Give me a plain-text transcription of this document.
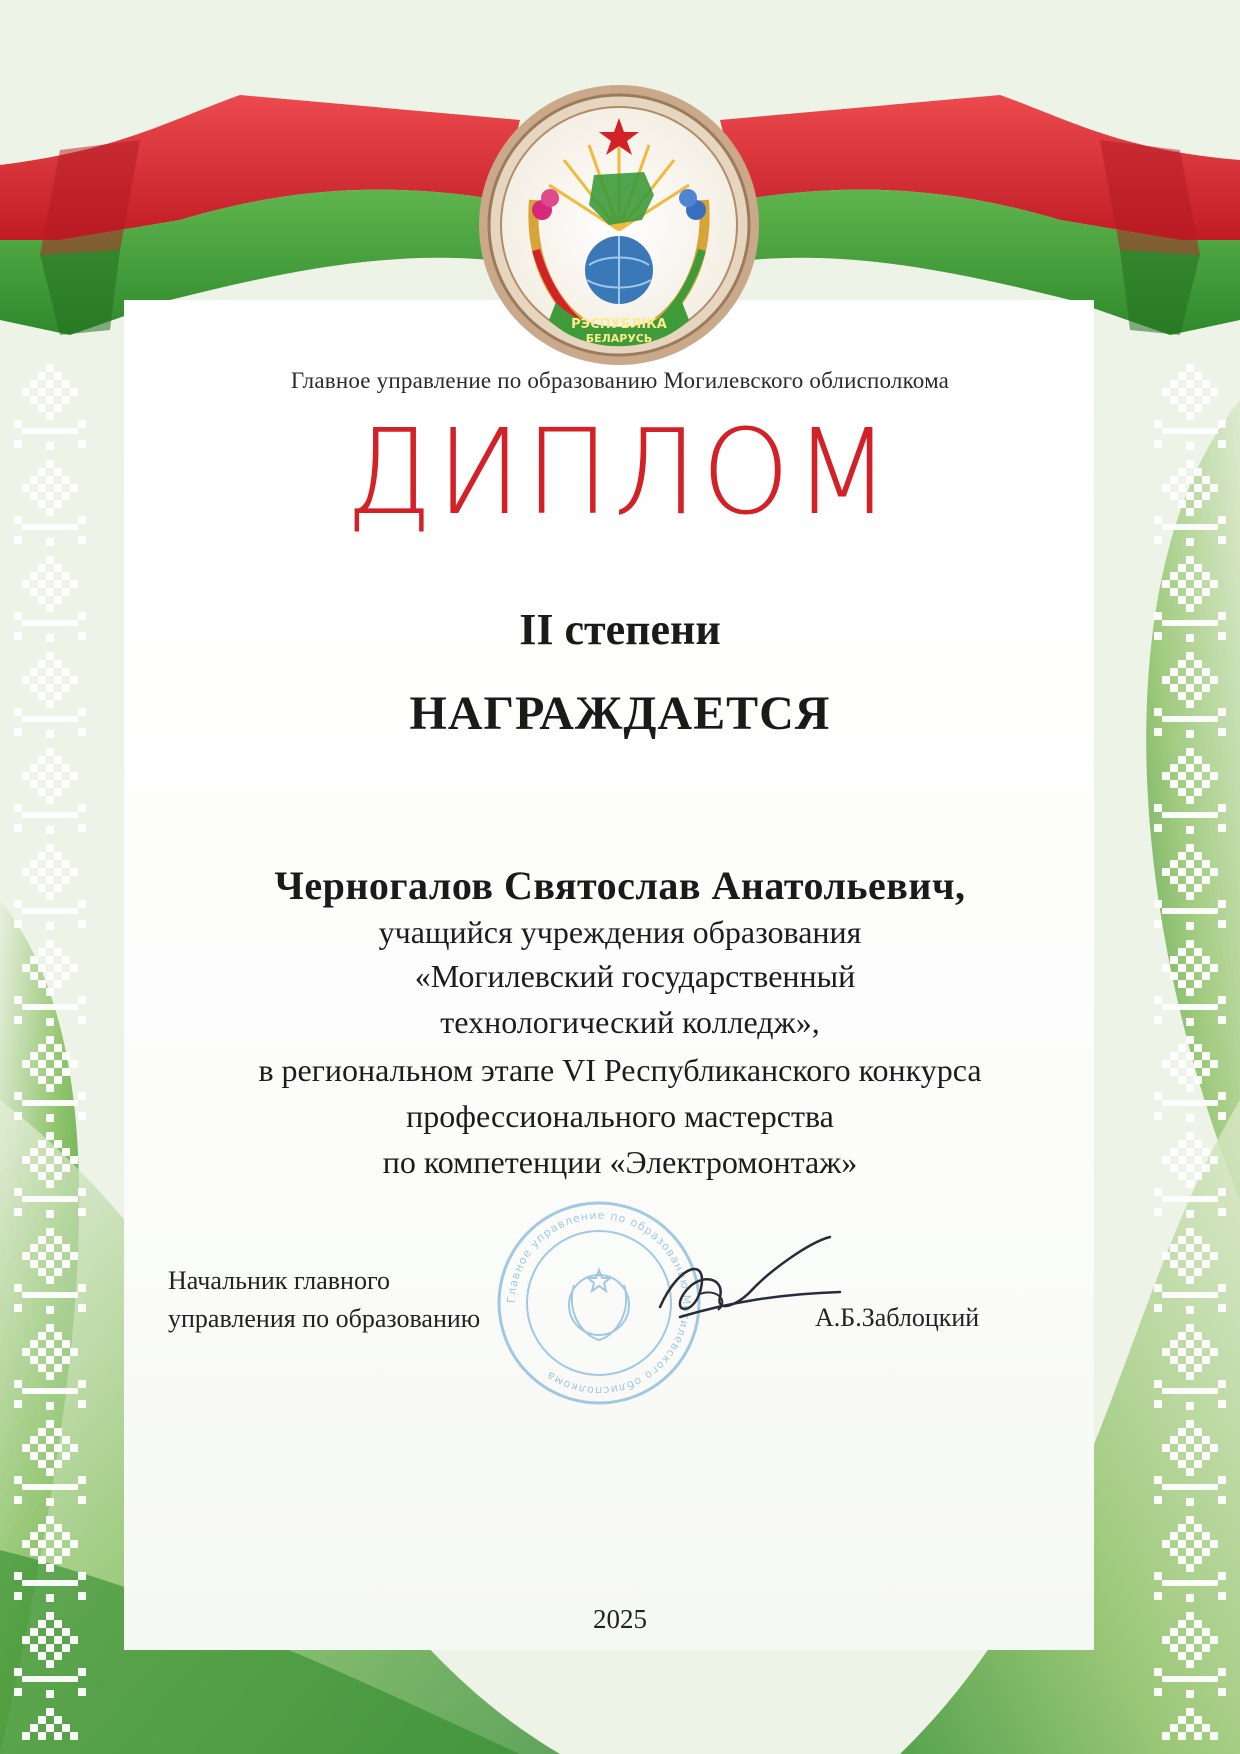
РЭСПУБЛІКА
БЕЛАРУСЬ
Главное управление по образованию Могилевского облисполкома
ДИПЛОМ
II степени
НАГРАЖДАЕТСЯ
Черногалов Святослав Анатольевич,
учащийся учреждения образования
«Могилевский государственный
технологический колледж»,
в региональном этапе VI Республиканского конкурса
профессионального мастерства
по компетенции «Электромонтаж»
Главное управление по образованию Могилевского облисполкома
Начальник главного
управления по образованию	А.Б.Заблоцкий
2025
